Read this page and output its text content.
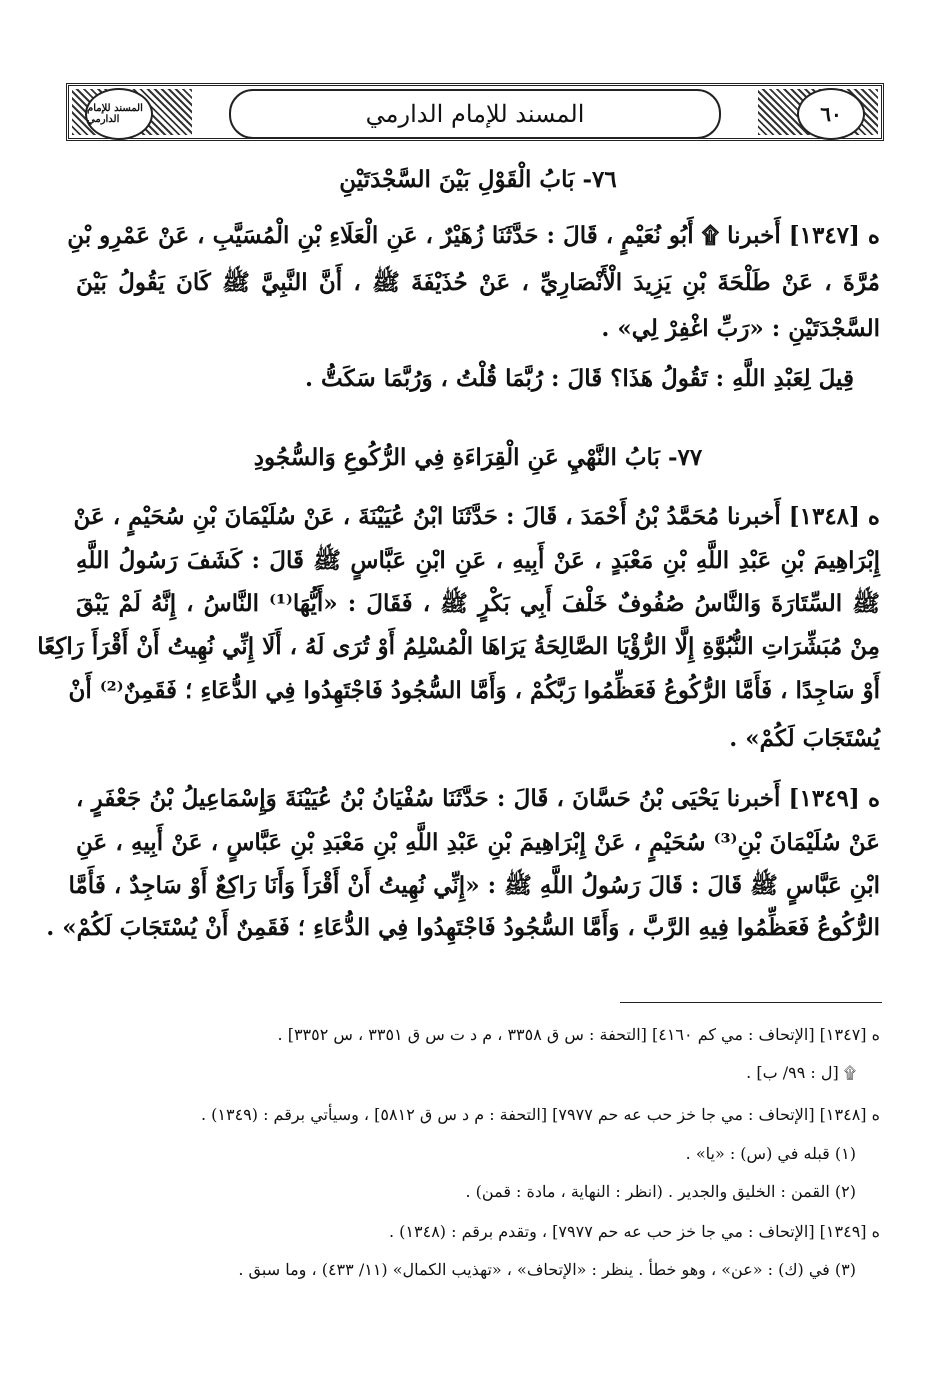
المسند للإمام الدارمي	٦٠
المسند للإمام الدارمي
٧٦- بَابُ الْقَوْلِ بَيْنَ السَّجْدَتَيْنِ
ه [١٣٤٧] أَخبرنا ۩ أَبُو نُعَيْمٍ ، قَالَ : حَدَّثَنَا زُهَيْرٌ ، عَنِ الْعَلَاءِ بْنِ الْمُسَيَّبِ ، عَنْ عَمْرِو بْنِ
مُرَّةَ ، عَنْ طَلْحَةَ بْنِ يَزِيدَ الْأَنْصَارِيِّ ، عَنْ حُذَيْفَةَ ﷺ ، أَنَّ النَّبِيَّ ﷺ كَانَ يَقُولُ بَيْنَ
السَّجْدَتَيْنِ : «رَبِّ اغْفِرْ لِي» .
قِيلَ لِعَبْدِ اللَّهِ : تَقُولُ هَذَا؟ قَالَ : رُبَّمَا قُلْتُ ، وَرُبَّمَا سَكَتُّ .
٧٧- بَابُ النَّهْيِ عَنِ الْقِرَاءَةِ فِي الرُّكُوعِ وَالسُّجُودِ
ه [١٣٤٨] أَخبرنا مُحَمَّدُ بْنُ أَحْمَدَ ، قَالَ : حَدَّثَنَا ابْنُ عُيَيْنَةَ ، عَنْ سُلَيْمَانَ بْنِ سُحَيْمٍ ، عَنْ
إِبْرَاهِيمَ بْنِ عَبْدِ اللَّهِ بْنِ مَعْبَدٍ ، عَنْ أَبِيهِ ، عَنِ ابْنِ عَبَّاسٍ ﷺ قَالَ : كَشَفَ رَسُولُ اللَّهِ
ﷺ السِّتَارَةَ وَالنَّاسُ صُفُوفٌ خَلْفَ أَبِي بَكْرٍ ﷺ ، فَقَالَ : «أَيُّهَا⁽¹⁾ النَّاسُ ، إِنَّهُ لَمْ يَبْقَ
مِنْ مُبَشِّرَاتِ النُّبُوَّةِ إِلَّا الرُّؤْيَا الصَّالِحَةُ يَرَاهَا الْمُسْلِمُ أَوْ تُرَى لَهُ ، أَلَا إِنِّي نُهِيتُ أَنْ أَقْرَأَ رَاكِعًا
أَوْ سَاجِدًا ، فَأَمَّا الرُّكُوعُ فَعَظِّمُوا رَبَّكُمْ ، وَأَمَّا السُّجُودُ فَاجْتَهِدُوا فِي الدُّعَاءِ ؛ فَقَمِنٌ⁽²⁾ أَنْ
يُسْتَجَابَ لَكُمْ» .
ه [١٣٤٩] أَخبرنا يَحْيَى بْنُ حَسَّانَ ، قَالَ : حَدَّثَنَا سُفْيَانُ بْنُ عُيَيْنَةَ وَإِسْمَاعِيلُ بْنُ جَعْفَرٍ ،
عَنْ سُلَيْمَانَ بْنِ⁽³⁾ سُحَيْمٍ ، عَنْ إِبْرَاهِيمَ بْنِ عَبْدِ اللَّهِ بْنِ مَعْبَدِ بْنِ عَبَّاسٍ ، عَنْ أَبِيهِ ، عَنِ
ابْنِ عَبَّاسٍ ﷺ قَالَ : قَالَ رَسُولُ اللَّهِ ﷺ : «إِنِّي نُهِيتُ أَنْ أَقْرَأَ وَأَنَا رَاكِعٌ أَوْ سَاجِدٌ ، فَأَمَّا
الرُّكُوعُ فَعَظِّمُوا فِيهِ الرَّبَّ ، وَأَمَّا السُّجُودُ فَاجْتَهِدُوا فِي الدُّعَاءِ ؛ فَقَمِنٌ أَنْ يُسْتَجَابَ لَكُمْ» .
ه [١٣٤٧] [الإتحاف : مي كم ٤١٦٠] [التحفة : س ق ٣٣٥٨ ، م د ت س ق ٣٣٥١ ، س ٣٣٥٢] .
۩ [ل : ٩٩/ ب] .
ه [١٣٤٨] [الإتحاف : مي جا خز حب عه حم ٧٩٧٧] [التحفة : م د س ق ٥٨١٢] ، وسيأتي برقم : (١٣٤٩) .
(١) قبله في (س) : «يا» .
(٢) القمن : الخليق والجدير . (انظر : النهاية ، مادة : قمن) .
ه [١٣٤٩] [الإتحاف : مي جا خز حب عه حم ٧٩٧٧] ، وتقدم برقم : (١٣٤٨) .
(٣) في (ك) : «عن» ، وهو خطأ . ينظر : «الإتحاف» ، «تهذيب الكمال» (١١/ ٤٣٣) ، وما سبق .
